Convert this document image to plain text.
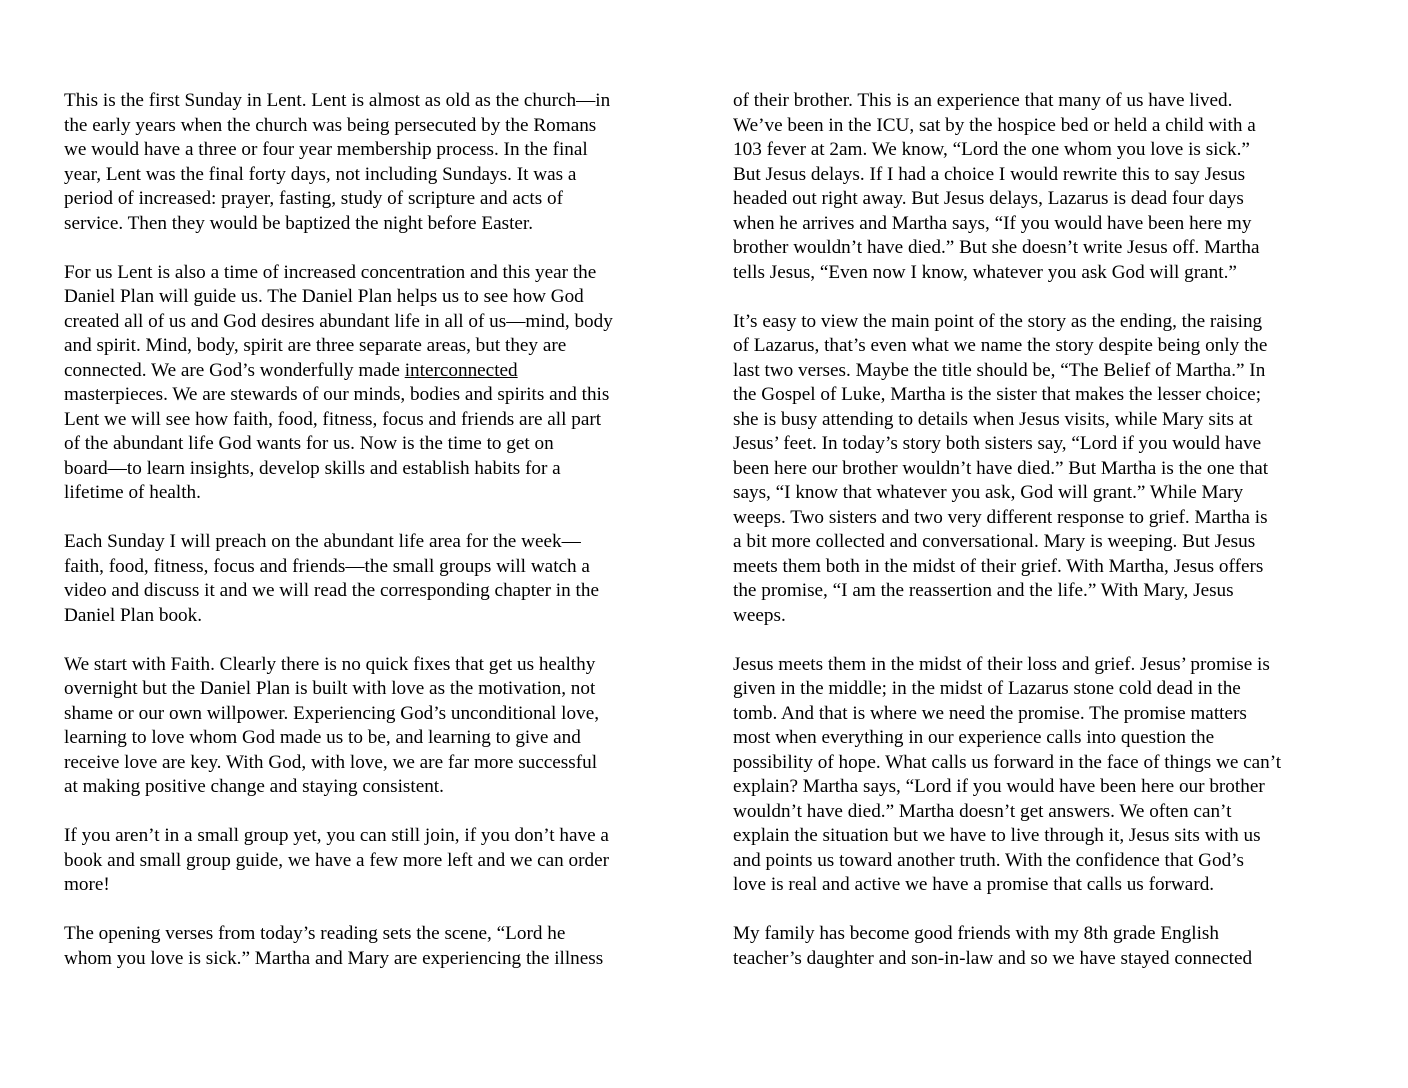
This is the first Sunday in Lent. Lent is almost as old as the church—in
the early years when the church was being persecuted by the Romans
we would have a three or four year membership process. In the final
year, Lent was the final forty days, not including Sundays. It was a
period of increased: prayer, fasting, study of scripture and acts of
service. Then they would be baptized the night before Easter.

For us Lent is also a time of increased concentration and this year the
Daniel Plan will guide us. The Daniel Plan helps us to see how God
created all of us and God desires abundant life in all of us—mind, body
and spirit. Mind, body, spirit are three separate areas, but they are
connected. We are God’s wonderfully made interconnected
masterpieces. We are stewards of our minds, bodies and spirits and this
Lent we will see how faith, food, fitness, focus and friends are all part
of the abundant life God wants for us. Now is the time to get on
board—to learn insights, develop skills and establish habits for a
lifetime of health.

Each Sunday I will preach on the abundant life area for the week—
faith, food, fitness, focus and friends—the small groups will watch a
video and discuss it and we will read the corresponding chapter in the
Daniel Plan book.

We start with Faith. Clearly there is no quick fixes that get us healthy
overnight but the Daniel Plan is built with love as the motivation, not
shame or our own willpower. Experiencing God’s unconditional love,
learning to love whom God made us to be, and learning to give and
receive love are key. With God, with love, we are far more successful
at making positive change and staying consistent.

If you aren’t in a small group yet, you can still join, if you don’t have a
book and small group guide, we have a few more left and we can order
more!

The opening verses from today’s reading sets the scene, “Lord he
whom you love is sick.” Martha and Mary are experiencing the illness

of their brother. This is an experience that many of us have lived.
We’ve been in the ICU, sat by the hospice bed or held a child with a
103 fever at 2am. We know, “Lord the one whom you love is sick.”
But Jesus delays. If I had a choice I would rewrite this to say Jesus
headed out right away. But Jesus delays, Lazarus is dead four days
when he arrives and Martha says, “If you would have been here my
brother wouldn’t have died.” But she doesn’t write Jesus off. Martha
tells Jesus, “Even now I know, whatever you ask God will grant.”

It’s easy to view the main point of the story as the ending, the raising
of Lazarus, that’s even what we name the story despite being only the
last two verses. Maybe the title should be, “The Belief of Martha.” In
the Gospel of Luke, Martha is the sister that makes the lesser choice;
she is busy attending to details when Jesus visits, while Mary sits at
Jesus’ feet. In today’s story both sisters say, “Lord if you would have
been here our brother wouldn’t have died.” But Martha is the one that
says, “I know that whatever you ask, God will grant.” While Mary
weeps. Two sisters and two very different response to grief. Martha is
a bit more collected and conversational. Mary is weeping. But Jesus
meets them both in the midst of their grief. With Martha, Jesus offers
the promise, “I am the reassertion and the life.” With Mary, Jesus
weeps.

Jesus meets them in the midst of their loss and grief. Jesus’ promise is
given in the middle; in the midst of Lazarus stone cold dead in the
tomb. And that is where we need the promise. The promise matters
most when everything in our experience calls into question the
possibility of hope. What calls us forward in the face of things we can’t
explain? Martha says, “Lord if you would have been here our brother
wouldn’t have died.” Martha doesn’t get answers. We often can’t
explain the situation but we have to live through it, Jesus sits with us
and points us toward another truth. With the confidence that God’s
love is real and active we have a promise that calls us forward.

My family has become good friends with my 8th grade English
teacher’s daughter and son-in-law and so we have stayed connected
